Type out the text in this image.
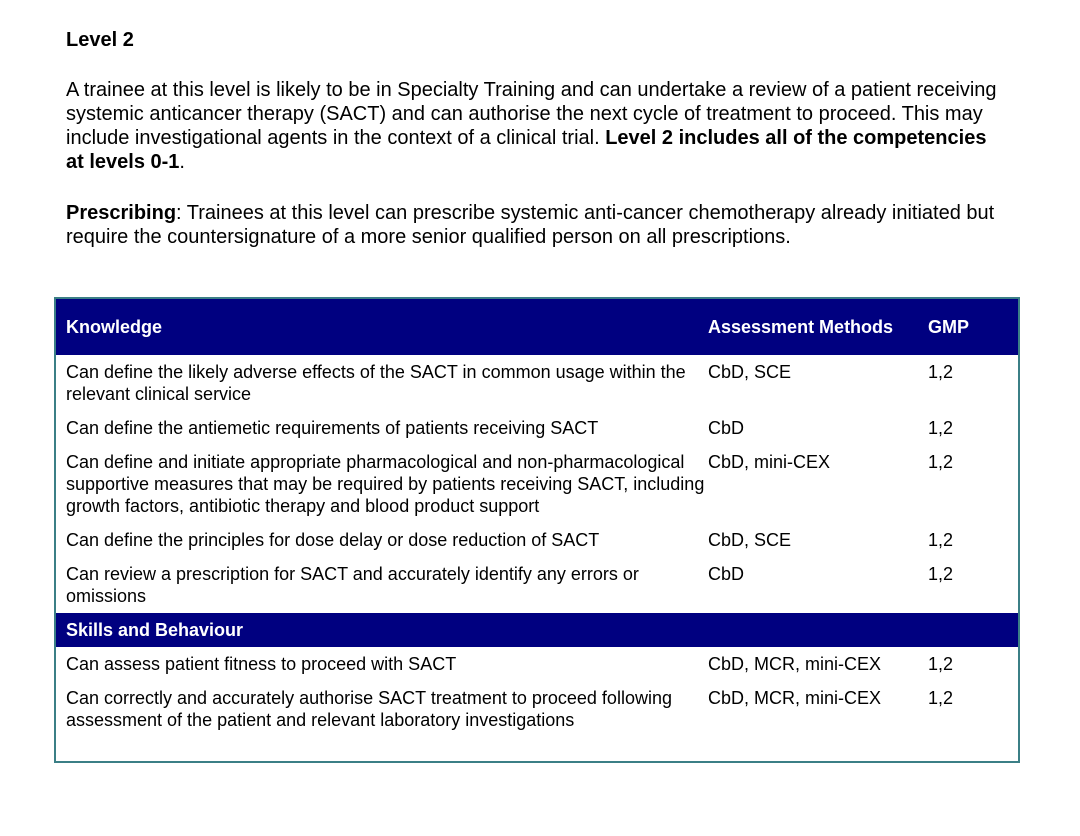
Level 2

A trainee at this level is likely to be in Specialty Training and can undertake a review of a patient receiving systemic anticancer therapy (SACT) and can authorise the next cycle of treatment to proceed. This may include investigational agents in the context of a clinical trial. Level 2 includes all of the competencies at levels 0-1.

Prescribing: Trainees at this level can prescribe systemic anti-cancer chemotherapy already initiated but require the countersignature of a more senior qualified person on all prescriptions.

Knowledge	Assessment Methods	GMP
Can define the likely adverse effects of the SACT in common usage within the relevant clinical service	CbD, SCE	1,2
Can define the antiemetic requirements of patients receiving SACT	CbD	1,2
Can define and initiate appropriate pharmacological and non-pharmacological supportive measures that may be required by patients receiving SACT, including growth factors, antibiotic therapy and blood product support	CbD, mini-CEX	1,2
Can define the principles for dose delay or dose reduction of SACT	CbD, SCE	1,2
Can review a prescription for SACT and accurately identify any errors or omissions	CbD	1,2
Skills and Behaviour		
Can assess patient fitness to proceed with SACT	CbD, MCR, mini-CEX	1,2
Can correctly and accurately authorise SACT treatment to proceed following assessment of the patient and relevant laboratory investigations	CbD, MCR, mini-CEX	1,2
